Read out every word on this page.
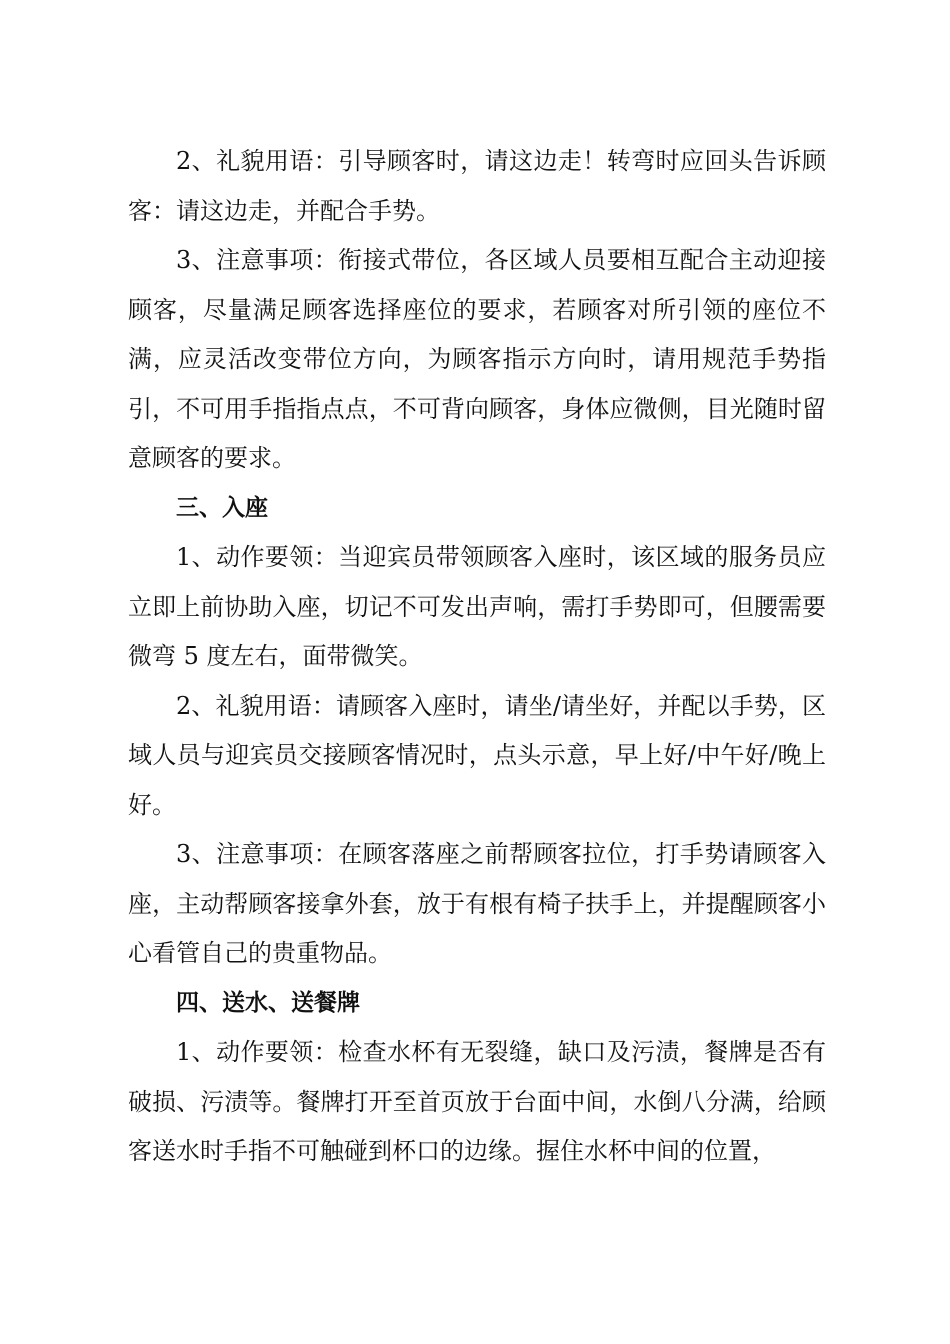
2、礼貌用语：引导顾客时，请这边走！转弯时应回头告诉顾客：请这边走，并配合手势。

3、注意事项：衔接式带位，各区域人员要相互配合主动迎接顾客，尽量满足顾客选择座位的要求，若顾客对所引领的座位不满，应灵活改变带位方向，为顾客指示方向时，请用规范手势指引，不可用手指指点点，不可背向顾客，身体应微侧，目光随时留意顾客的要求。

三、入座

1、动作要领：当迎宾员带领顾客入座时，该区域的服务员应立即上前协助入座，切记不可发出声响，需打手势即可，但腰需要微弯 5 度左右，面带微笑。

2、礼貌用语：请顾客入座时，请坐/请坐好，并配以手势，区域人员与迎宾员交接顾客情况时，点头示意，早上好/中午好/晚上好。

3、注意事项：在顾客落座之前帮顾客拉位，打手势请顾客入座，主动帮顾客接拿外套，放于有根有椅子扶手上，并提醒顾客小心看管自己的贵重物品。

四、送水、送餐牌

1、动作要领：检查水杯有无裂缝，缺口及污渍，餐牌是否有破损、污渍等。餐牌打开至首页放于台面中间，水倒八分满，给顾客送水时手指不可触碰到杯口的边缘。握住水杯中间的位置，
